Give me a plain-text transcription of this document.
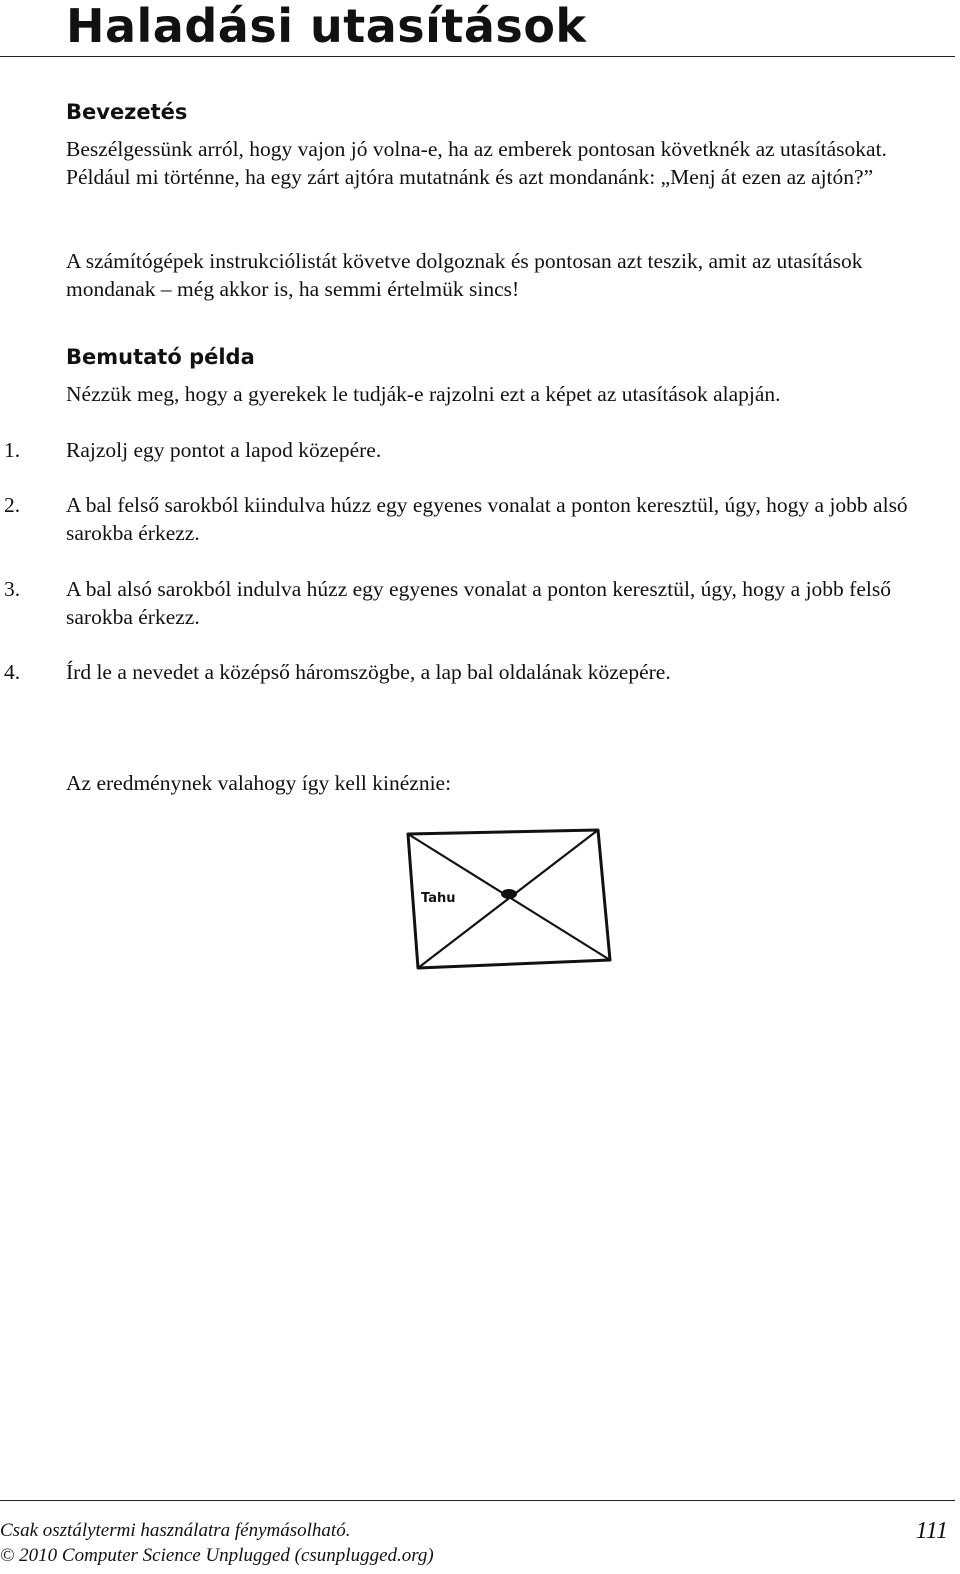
Haladási utasítások
Bevezetés

Beszélgessünk arról, hogy vajon jó volna-e, ha az emberek pontosan követknék az utasításokat. Például mi történne, ha egy zárt ajtóra mutatnánk és azt mondanánk: „Menj át ezen az ajtón?”

A számítógépek instrukciólistát követve dolgoznak és pontosan azt teszik, amit az utasítások mondanak – még akkor is, ha semmi értelmük sincs!

Bemutató példa

Nézzük meg, hogy a gyerekek le tudják-e rajzolni ezt a képet az utasítások alapján.

1. Rajzolj egy pontot a lapod közepére.

2. A bal felső sarokból kiindulva húzz egy egyenes vonalat a ponton keresztül, úgy, hogy a jobb alsó sarokba érkezz.

3. A bal alsó sarokból indulva húzz egy egyenes vonalat a ponton keresztül, úgy, hogy a jobb felső sarokba érkezz.

4. Írd le a nevedet a középső háromszögbe, a lap bal oldalának közepére.

Az eredménynek valahogy így kell kinéznie:

Tahu
Csak osztálytermi használatra fénymásolható.
© 2010 Computer Science Unplugged (csunplugged.org)
111
